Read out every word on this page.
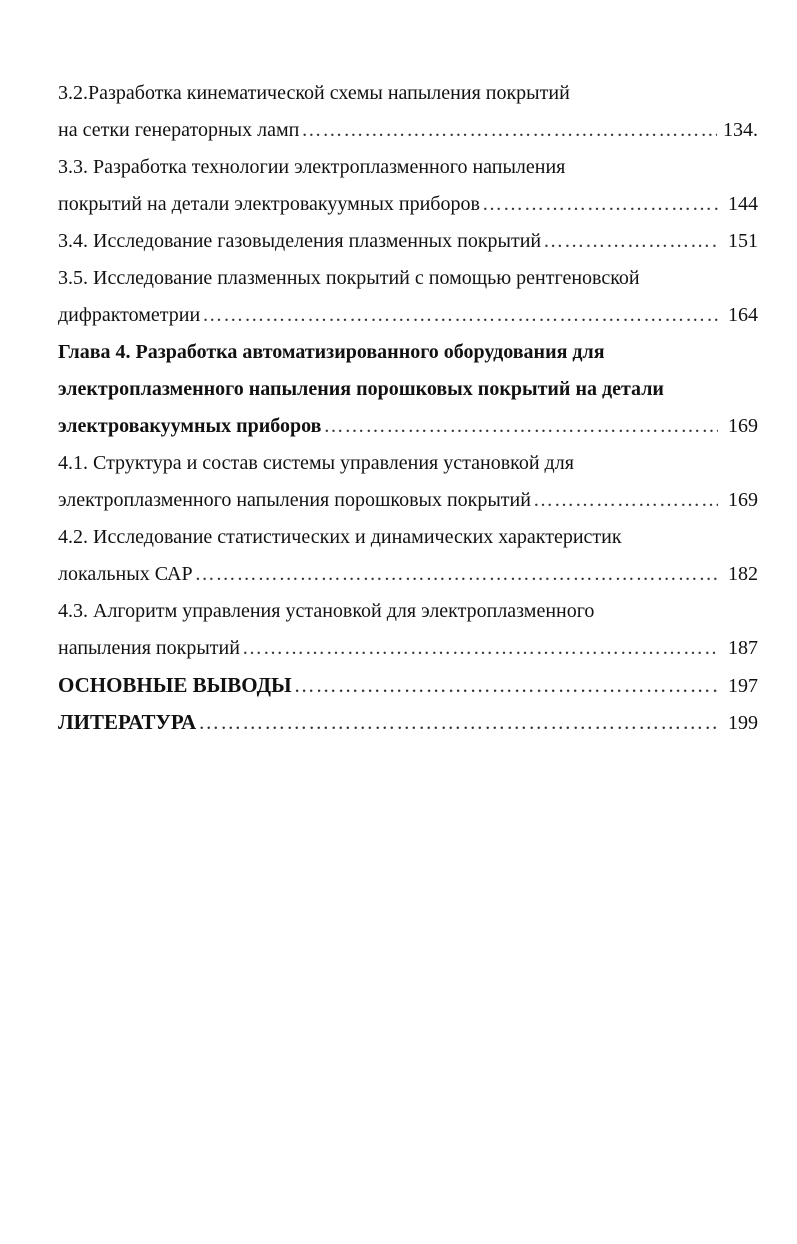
3.2.Разработка кинематической схемы напыления покрытий
на сетки генераторных ламп ……………………………………………………………………………………………………………………………………………	134.
3.3. Разработка технологии электроплазменного напыления
покрытий на детали электровакуумных приборов ……………………………………………………………………………………………………………………………………………	144
3.4. Исследование газовыделения плазменных покрытий ……………………………………………………………………………………………………………………………………………	151
3.5. Исследование плазменных покрытий с помощью рентгеновской
дифрактометрии ……………………………………………………………………………………………………………………………………………	164
Глава 4. Разработка автоматизированного оборудования для
электроплазменного напыления порошковых покрытий на детали
электровакуумных приборов ……………………………………………………………………………………………………………………………………………	169
4.1. Структура и состав системы управления установкой для
электроплазменного напыления порошковых покрытий ……………………………………………………………………………………………………………………………………………	169
4.2. Исследование статистических и динамических характеристик
локальных САР ……………………………………………………………………………………………………………………………………………	182
4.3. Алгоритм управления установкой для электроплазменного
напыления покрытий ……………………………………………………………………………………………………………………………………………	187
ОСНОВНЫЕ ВЫВОДЫ ……………………………………………………………………………………………………………………………………………	197
ЛИТЕРАТУРА ……………………………………………………………………………………………………………………………………………	199
